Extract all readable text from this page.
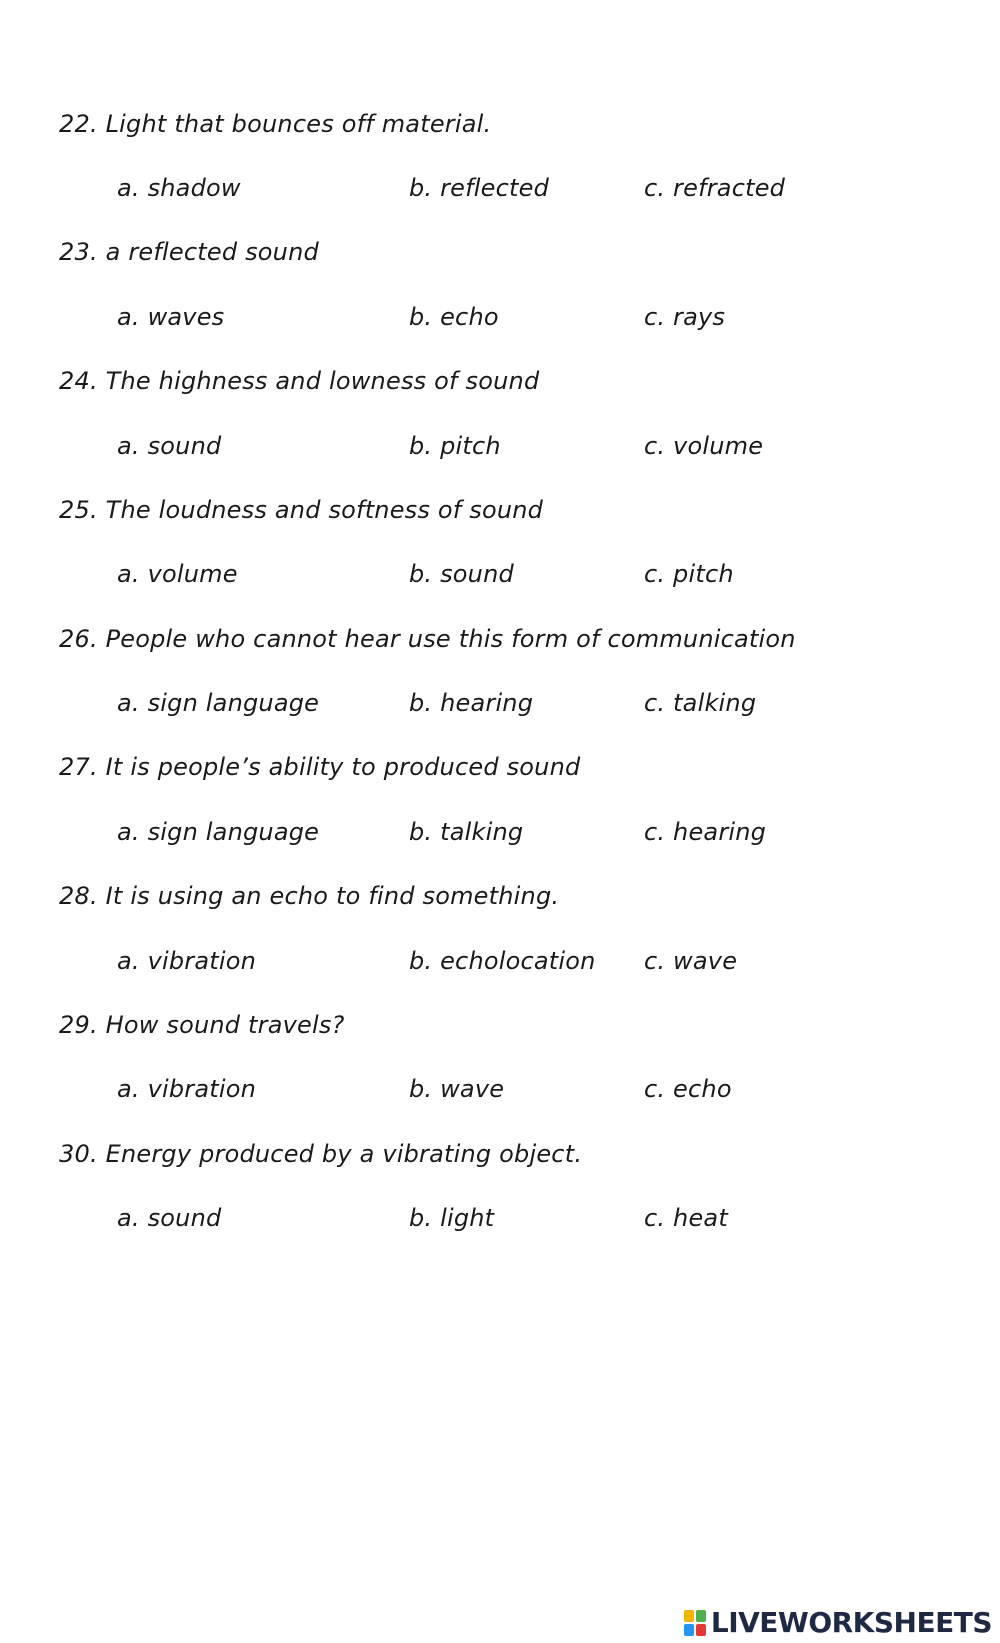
22. Light that bounces off material.
a. shadow	b. reflected	c. refracted
23. a reflected sound
a. waves	b. echo	c. rays
24. The highness and lowness of sound
a. sound	b. pitch	c. volume
25. The loudness and softness of sound
a. volume	b. sound	c. pitch
26. People who cannot hear use this form of communication
a. sign language	b. hearing	c. talking
27. It is people’s ability to produced sound
a. sign language	b. talking	c. hearing
28. It is using an echo to find something.
a. vibration	b. echolocation c. wave
29. How sound travels?
a. vibration	b. wave	c. echo
30. Energy produced by a vibrating object.
a. sound	b. light	c. heat
LIVEWORKSHEETS
